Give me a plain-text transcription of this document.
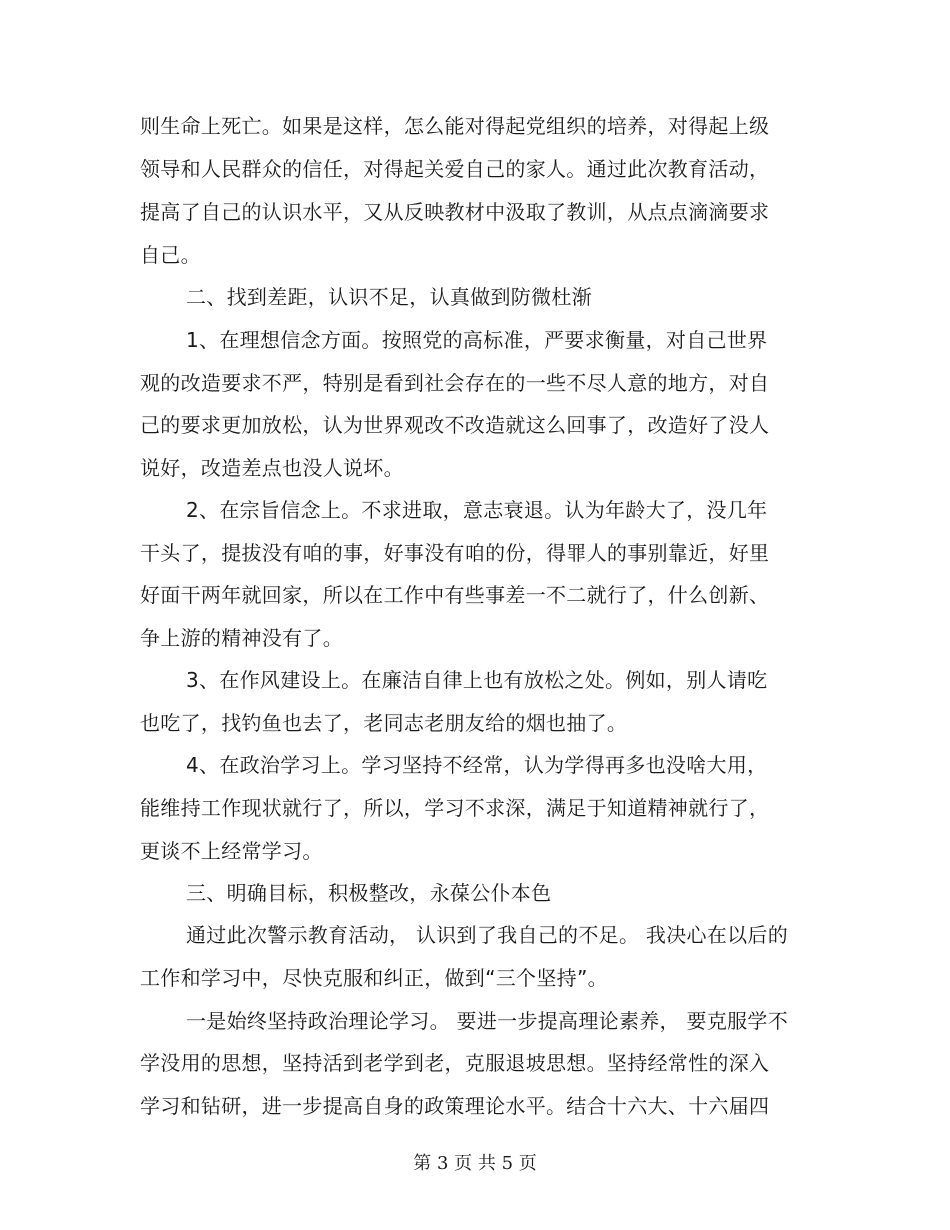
则生命上死亡。如果是这样，怎么能对得起党组织的培养，对得起上级
领导和人民群众的信任，对得起关爱自己的家人。通过此次教育活动，
提高了自己的认识水平，又从反映教材中汲取了教训，从点点滴滴要求
自己。
二、找到差距，认识不足，认真做到防微杜渐
1、在理想信念方面。按照党的高标准，严要求衡量，对自己世界
观的改造要求不严，特别是看到社会存在的一些不尽人意的地方，对自
己的要求更加放松，认为世界观改不改造就这么回事了，改造好了没人
说好，改造差点也没人说坏。
2、在宗旨信念上。不求进取，意志衰退。认为年龄大了，没几年
干头了，提拔没有咱的事，好事没有咱的份，得罪人的事别靠近，好里
好面干两年就回家，所以在工作中有些事差一不二就行了，什么创新、
争上游的精神没有了。
3、在作风建设上。在廉洁自律上也有放松之处。例如，别人请吃
也吃了，找钓鱼也去了，老同志老朋友给的烟也抽了。
4、在政治学习上。学习坚持不经常，认为学得再多也没啥大用，
能维持工作现状就行了，所以，学习不求深，满足于知道精神就行了，
更谈不上经常学习。
三、明确目标，积极整改，永葆公仆本色
通过此次警示教育活动， 认识到了我自己的不足。 我决心在以后的
工作和学习中，尽快克服和纠正，做到“三个坚持”。
一是始终坚持政治理论学习。 要进一步提高理论素养， 要克服学不
学没用的思想，坚持活到老学到老，克服退坡思想。坚持经常性的深入
学习和钻研，进一步提高自身的政策理论水平。结合十六大、十六届四
第 3 页 共 5 页
